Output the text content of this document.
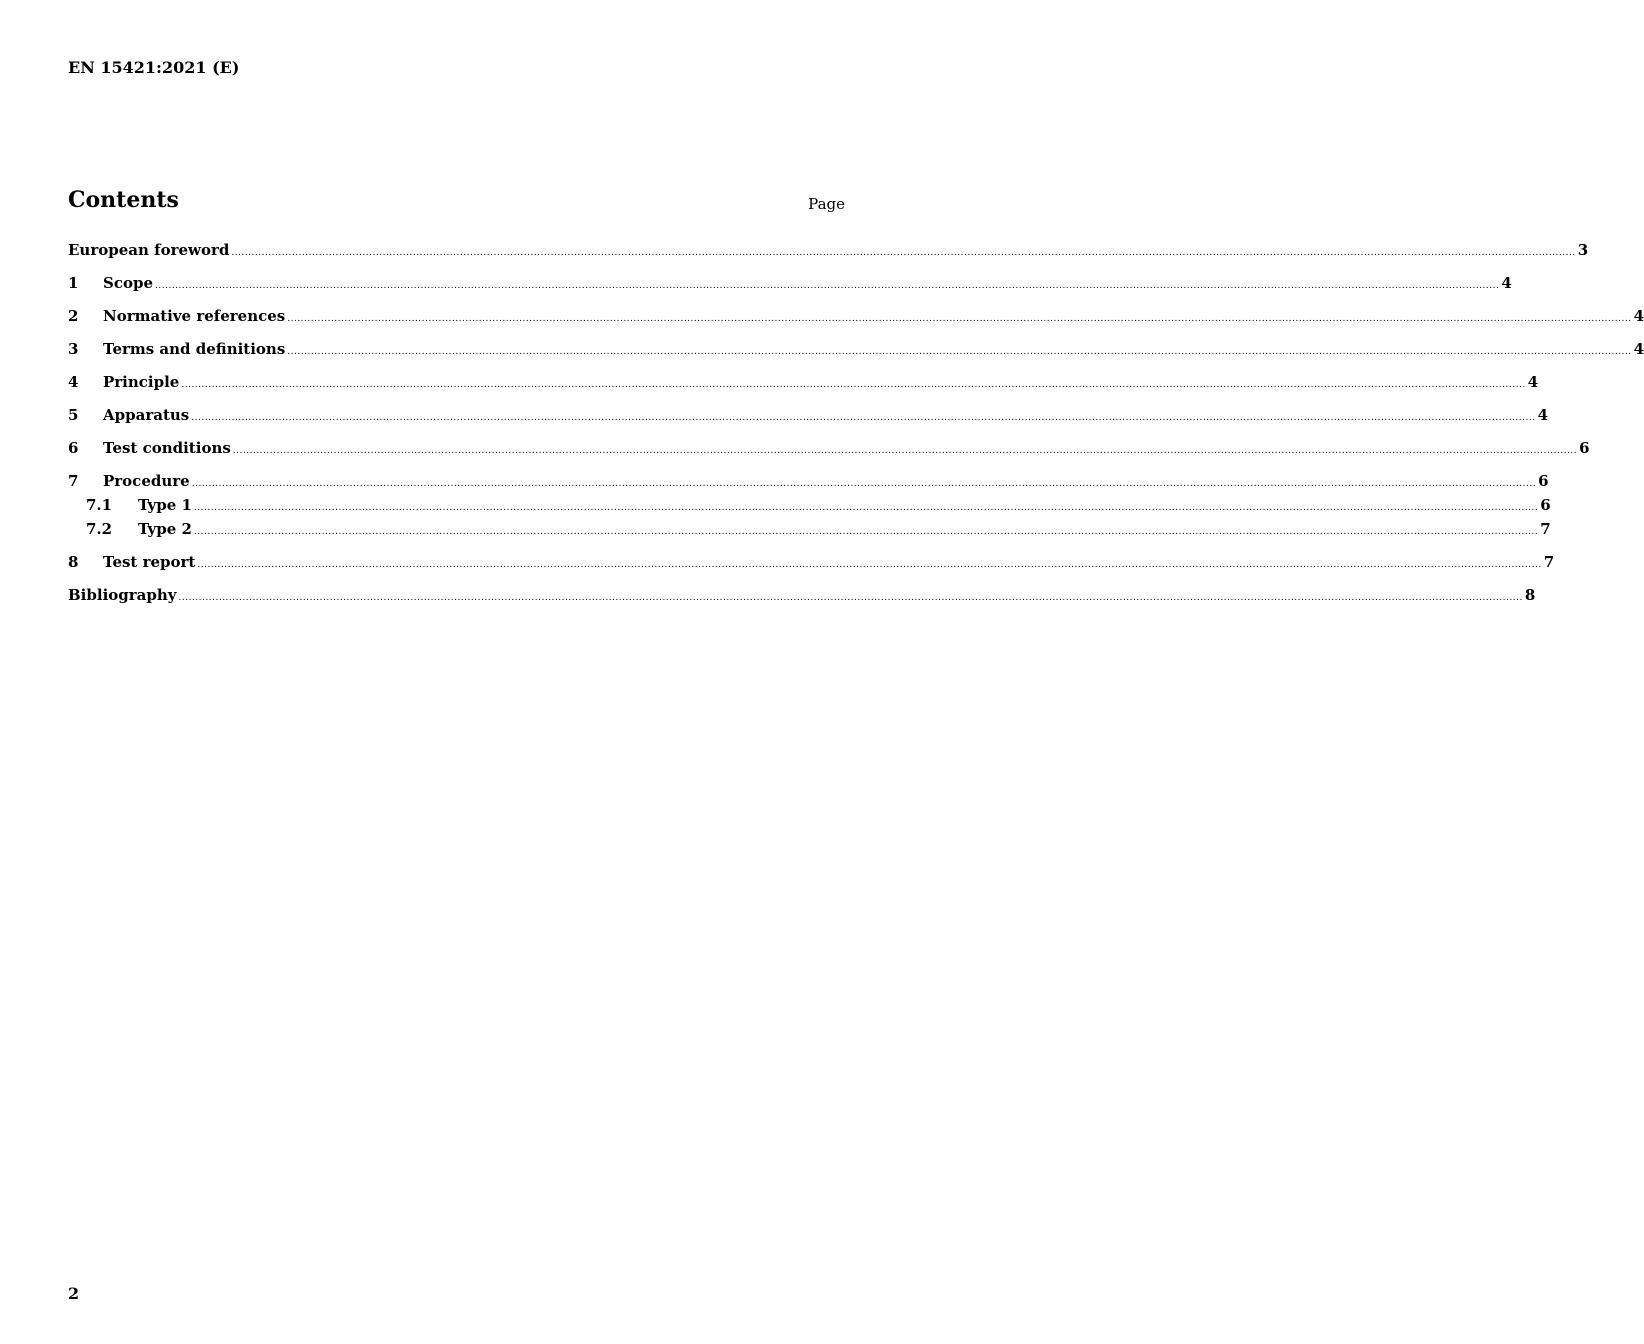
EN 15421:2021 (E)
Contents	Page
European foreword ................................................................................................................................................................................................................................................................................................................................................................................................................ 3
1	Scope ................................................................................................................................................................................................................................................................................................................................................................................................................ 4
2	Normative references ................................................................................................................................................................................................................................................................................................................................................................................................................ 4
3	Terms and definitions ................................................................................................................................................................................................................................................................................................................................................................................................................ 4
4	Principle ................................................................................................................................................................................................................................................................................................................................................................................................................ 4
5	Apparatus ................................................................................................................................................................................................................................................................................................................................................................................................................ 4
6	Test conditions ................................................................................................................................................................................................................................................................................................................................................................................................................ 6
7	Procedure ................................................................................................................................................................................................................................................................................................................................................................................................................ 6
7.1	Type 1 ................................................................................................................................................................................................................................................................................................................................................................................................................ 6
7.2	Type 2 ................................................................................................................................................................................................................................................................................................................................................................................................................ 7
8	Test report ................................................................................................................................................................................................................................................................................................................................................................................................................ 7
Bibliography ................................................................................................................................................................................................................................................................................................................................................................................................................ 8
2
